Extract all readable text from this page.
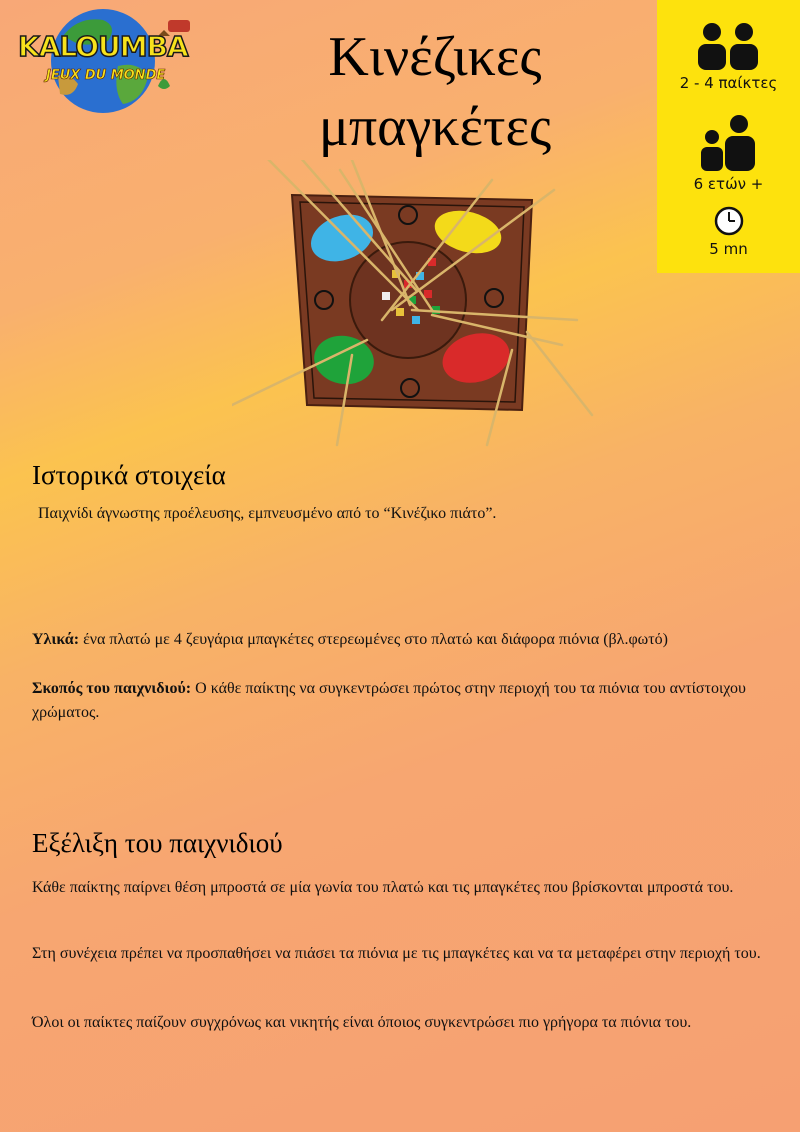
KALOUMBA
JEUX DU MONDE	Κινέζικες
μπαγκέτες
2 - 4 παίκτες
6 ετών +
5 mn
Ιστορικά στοιχεία

Παιχνίδι άγνωστης προέλευσης, εμπνευσμένο από το “Κινέζικο πιάτο”.

Υλικά: ένα πλατώ με 4 ζευγάρια μπαγκέτες στερεωμένες στο πλατώ και διάφορα πιόνια (βλ.φωτό)

Σκοπός του παιχνιδιού: Ο κάθε παίκτης να συγκεντρώσει πρώτος στην περιοχή του τα πιόνια του αντίστοιχου χρώματος.

Εξέλιξη του παιχνιδιού

Κάθε παίκτης παίρνει θέση μπροστά σε μία γωνία του πλατώ και τις μπαγκέτες που βρίσκονται μπροστά του.

Στη συνέχεια πρέπει να προσπαθήσει να πιάσει τα πιόνια με τις μπαγκέτες και να τα μεταφέρει στην περιοχή του.

Όλοι οι παίκτες παίζουν συγχρόνως και νικητής είναι όποιος συγκεντρώσει πιο γρήγορα τα πιόνια του.
